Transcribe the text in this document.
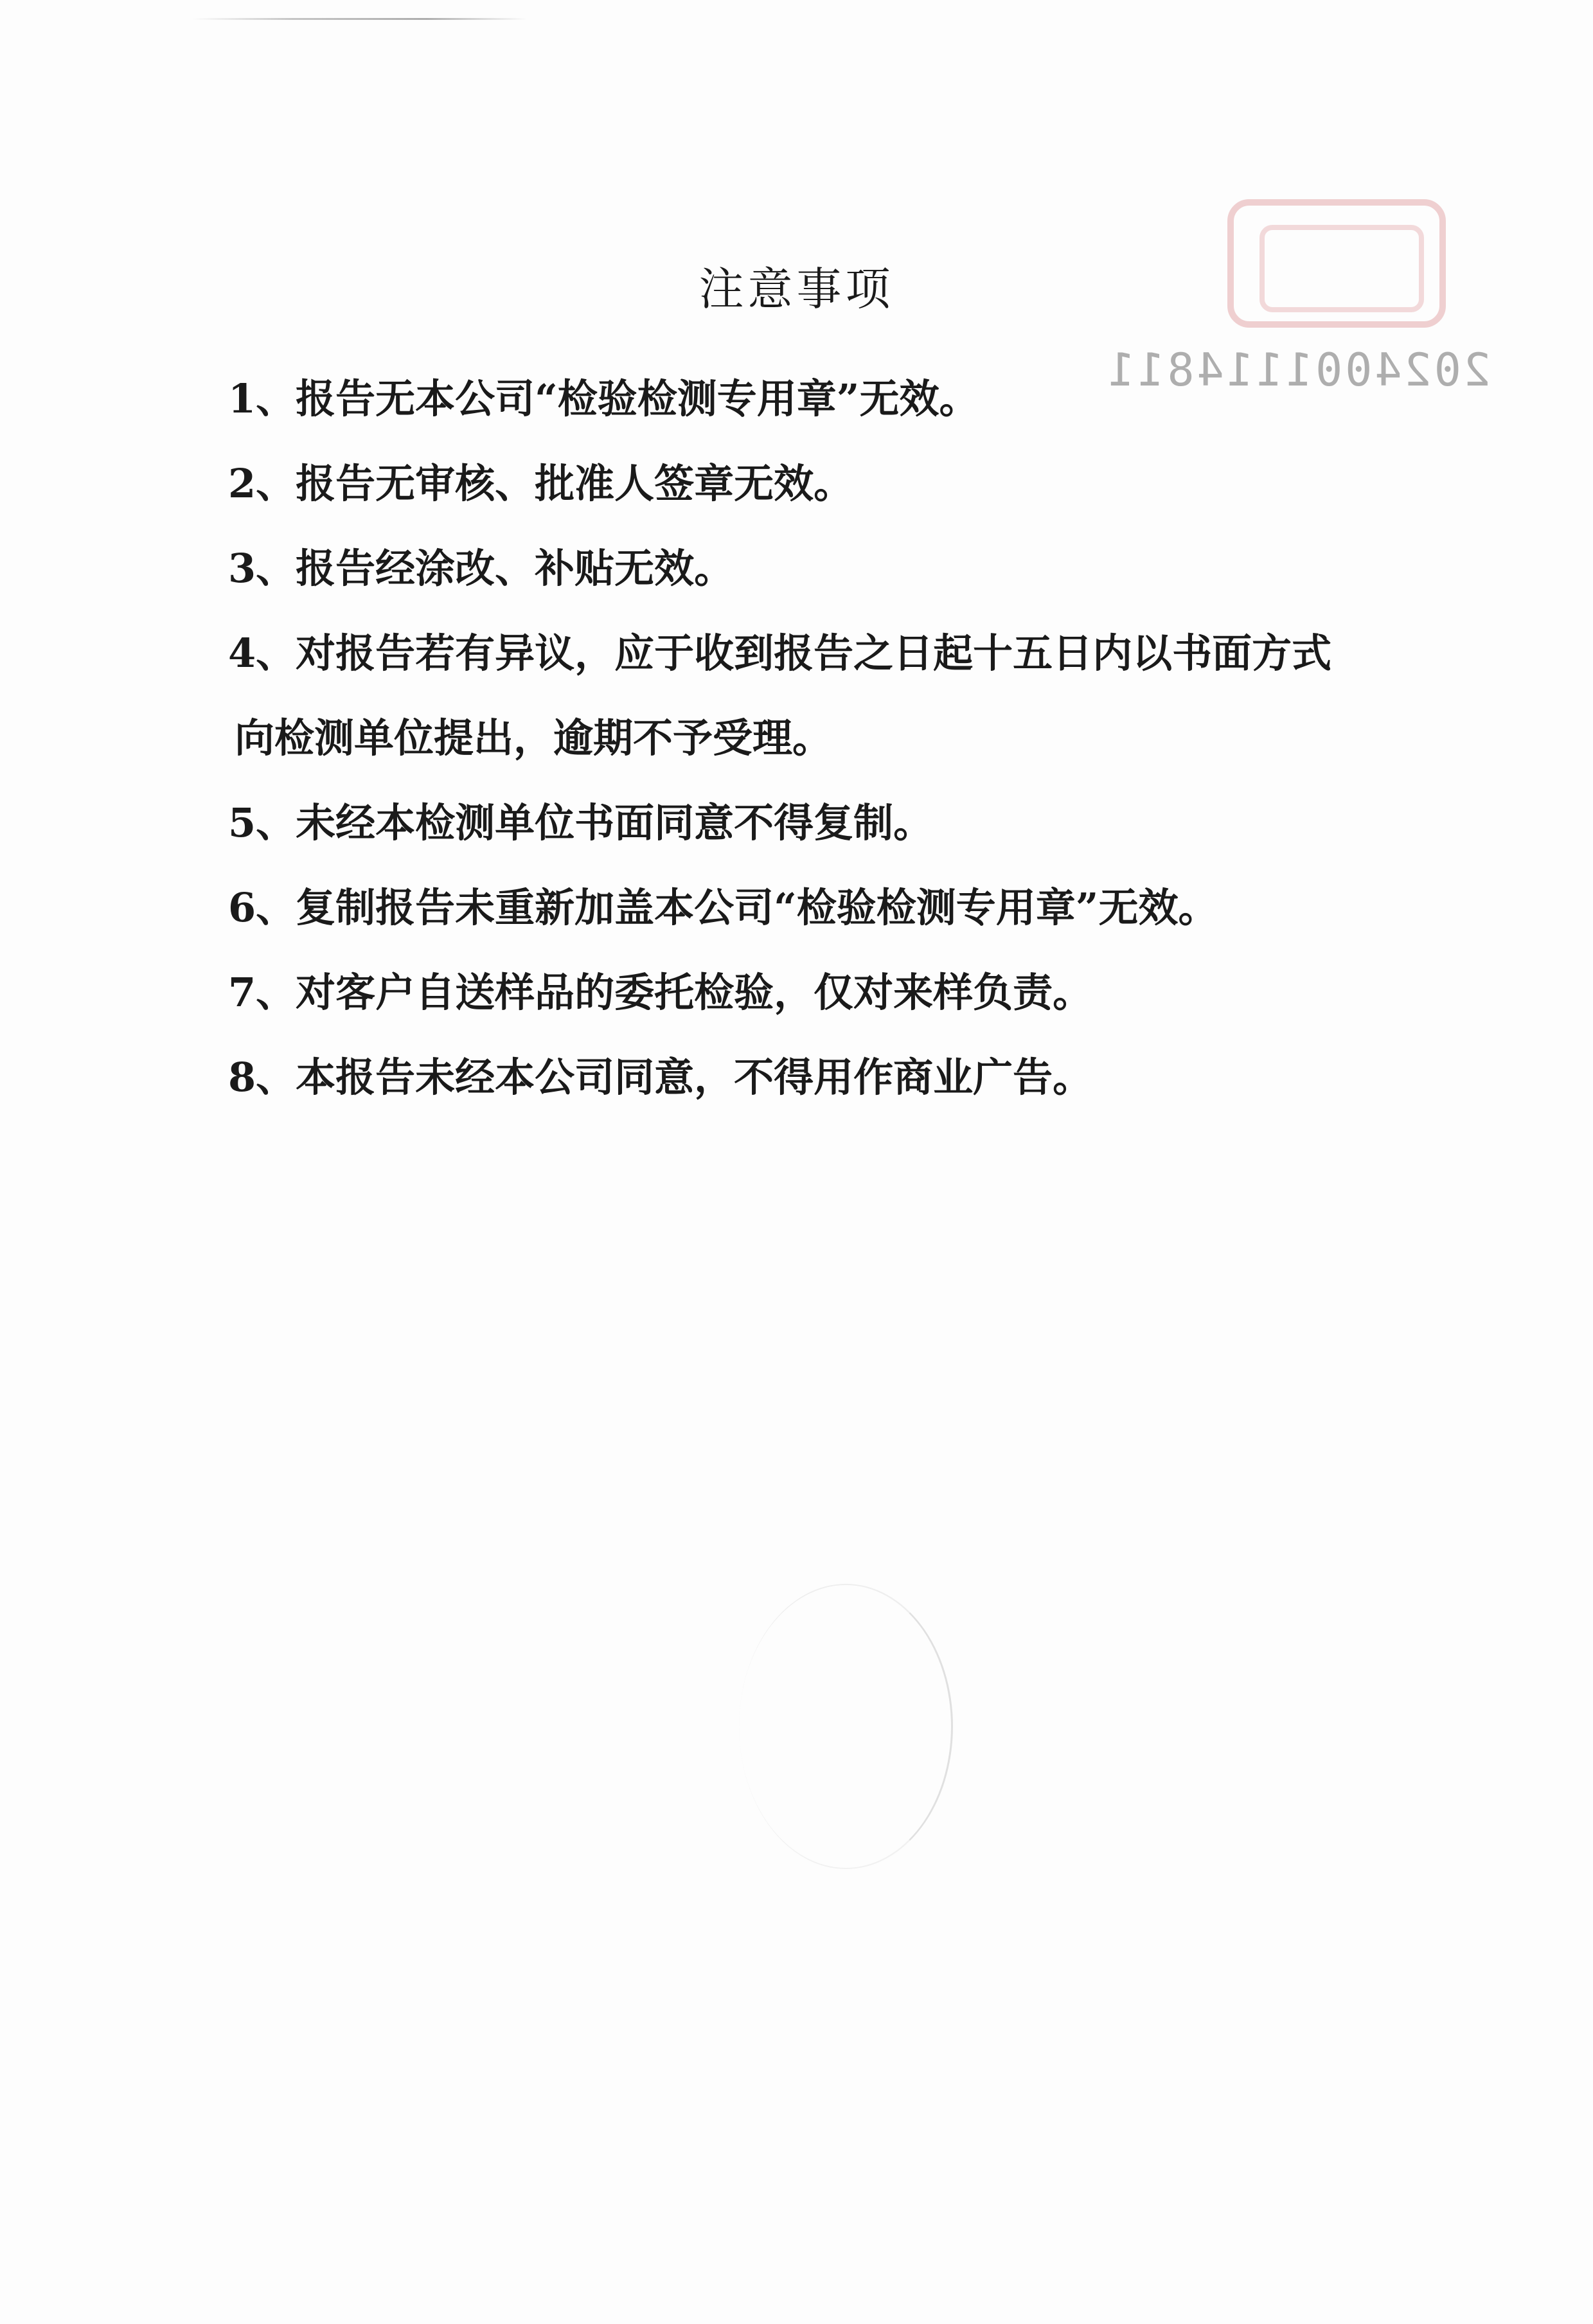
2024001114811
注意事项
1、报告无本公司“检验检测专用章”无效。
2、报告无审核、批准人签章无效。
3、报告经涂改、补贴无效。
4、对报告若有异议，应于收到报告之日起十五日内以书面方式
向检测单位提出，逾期不予受理。
5、未经本检测单位书面同意不得复制。
6、复制报告未重新加盖本公司“检验检测专用章”无效。
7、对客户自送样品的委托检验，仅对来样负责。
8、本报告未经本公司同意，不得用作商业广告。
